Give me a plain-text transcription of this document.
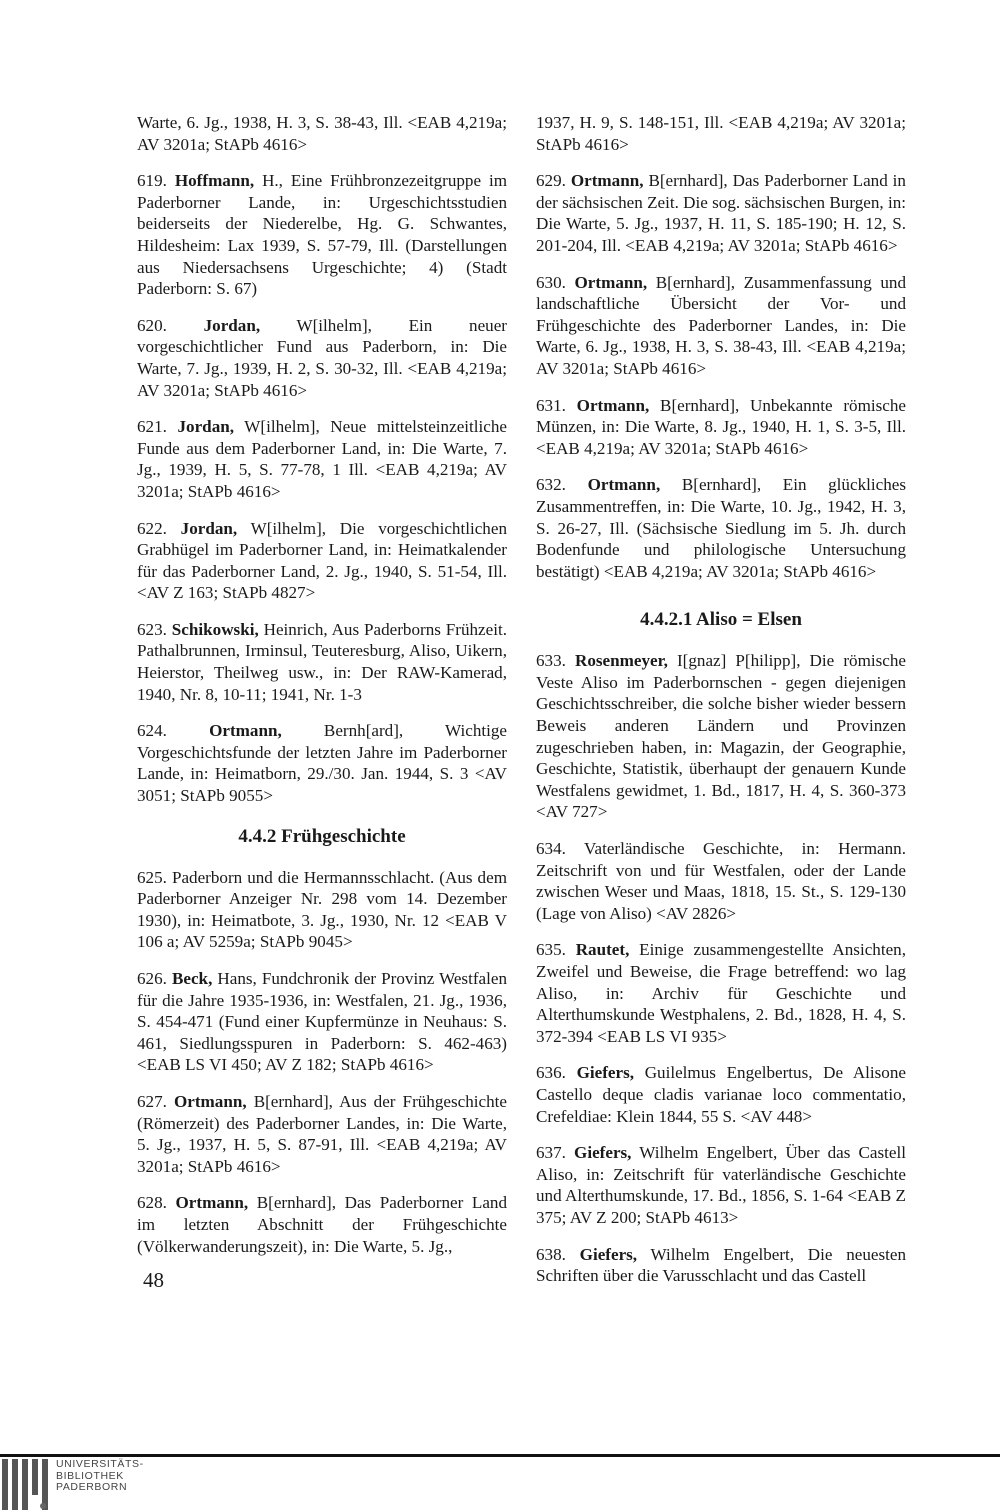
Warte, 6. Jg., 1938, H. 3, S. 38-43, Ill. <EAB 4,219a; AV 3201a; StAPb 4616>

619. Hoffmann, H., Eine Frühbronzezeitgruppe im Paderborner Lande, in: Urgeschichtsstudien beiderseits der Niederelbe, Hg. G. Schwantes, Hildesheim: Lax 1939, S. 57-79, Ill. (Darstellungen aus Niedersachsens Urgeschichte; 4) (Stadt Paderborn: S. 67)

620. Jordan, W[ilhelm], Ein neuer vorgeschichtlicher Fund aus Paderborn, in: Die Warte, 7. Jg., 1939, H. 2, S. 30-32, Ill. <EAB 4,219a; AV 3201a; StAPb 4616>

621. Jordan, W[ilhelm], Neue mittelsteinzeitliche Funde aus dem Paderborner Land, in: Die Warte, 7. Jg., 1939, H. 5, S. 77-78, 1 Ill. <EAB 4,219a; AV 3201a; StAPb 4616>

622. Jordan, W[ilhelm], Die vorgeschichtlichen Grabhügel im Paderborner Land, in: Heimatkalender für das Paderborner Land, 2. Jg., 1940, S. 51-54, Ill. <AV Z 163; StAPb 4827>

623. Schikowski, Heinrich, Aus Paderborns Frühzeit. Pathalbrunnen, Irminsul, Teuteresburg, Aliso, Uikern, Heierstor, Theilweg usw., in: Der RAW-Kamerad, 1940, Nr. 8, 10-11; 1941, Nr. 1-3

624. Ortmann, Bernh[ard], Wichtige Vorgeschichtsfunde der letzten Jahre im Paderborner Lande, in: Heimatborn, 29./30. Jan. 1944, S. 3 <AV 3051; StAPb 9055>

4.4.2 Frühgeschichte

625. Paderborn und die Hermannsschlacht. (Aus dem Paderborner Anzeiger Nr. 298 vom 14. Dezember 1930), in: Heimatbote, 3. Jg., 1930, Nr. 12 <EAB V 106 a; AV 5259a; StAPb 9045>

626. Beck, Hans, Fundchronik der Provinz Westfalen für die Jahre 1935-1936, in: Westfalen, 21. Jg., 1936, S. 454-471 (Fund einer Kupfermünze in Neuhaus: S. 461, Siedlungsspuren in Paderborn: S. 462-463) <EAB LS VI 450; AV Z 182; StAPb 4616>

627. Ortmann, B[ernhard], Aus der Frühgeschichte (Römerzeit) des Paderborner Landes, in: Die Warte, 5. Jg., 1937, H. 5, S. 87-91, Ill. <EAB 4,219a; AV 3201a; StAPb 4616>

628. Ortmann, B[ernhard], Das Paderborner Land im letzten Abschnitt der Frühgeschichte (Völkerwanderungszeit), in: Die Warte, 5. Jg.,

1937, H. 9, S. 148-151, Ill. <EAB 4,219a; AV 3201a; StAPb 4616>

629. Ortmann, B[ernhard], Das Paderborner Land in der sächsischen Zeit. Die sog. sächsischen Burgen, in: Die Warte, 5. Jg., 1937, H. 11, S. 185-190; H. 12, S. 201-204, Ill. <EAB 4,219a; AV 3201a; StAPb 4616>

630. Ortmann, B[ernhard], Zusammenfassung und landschaftliche Übersicht der Vor- und Frühgeschichte des Paderborner Landes, in: Die Warte, 6. Jg., 1938, H. 3, S. 38-43, Ill. <EAB 4,219a; AV 3201a; StAPb 4616>

631. Ortmann, B[ernhard], Unbekannte römische Münzen, in: Die Warte, 8. Jg., 1940, H. 1, S. 3-5, Ill. <EAB 4,219a; AV 3201a; StAPb 4616>

632. Ortmann, B[ernhard], Ein glückliches Zusammentreffen, in: Die Warte, 10. Jg., 1942, H. 3, S. 26-27, Ill. (Sächsische Siedlung im 5. Jh. durch Bodenfunde und philologische Untersuchung bestätigt) <EAB 4,219a; AV 3201a; StAPb 4616>

4.4.2.1 Aliso = Elsen

633. Rosenmeyer, I[gnaz] P[hilipp], Die römische Veste Aliso im Paderbornschen - gegen diejenigen Geschichtsschreiber, die solche bisher wieder bessern Beweis anderen Ländern und Provinzen zugeschrieben haben, in: Magazin, der Geographie, Geschichte, Statistik, überhaupt der genauern Kunde Westfalens gewidmet, 1. Bd., 1817, H. 4, S. 360-373 <AV 727>

634. Vaterländische Geschichte, in: Hermann. Zeitschrift von und für Westfalen, oder der Lande zwischen Weser und Maas, 1818, 15. St., S. 129-130 (Lage von Aliso) <AV 2826>

635. Rautet, Einige zusammengestellte Ansichten, Zweifel und Beweise, die Frage betreffend: wo lag Aliso, in: Archiv für Geschichte und Alterthumskunde Westphalens, 2. Bd., 1828, H. 4, S. 372-394 <EAB LS VI 935>

636. Giefers, Guilelmus Engelbertus, De Alisone Castello deque cladis varianae loco commentatio, Crefeldiae: Klein 1844, 55 S. <AV 448>

637. Giefers, Wilhelm Engelbert, Über das Castell Aliso, in: Zeitschrift für vaterländische Geschichte und Alterthumskunde, 17. Bd., 1856, S. 1-64 <EAB Z 375; AV Z 200; StAPb 4613>

638. Giefers, Wilhelm Engelbert, Die neuesten Schriften über die Varusschlacht und das Castell

48
UNIVERSITÄTS-
BIBLIOTHEK
PADERBORN
